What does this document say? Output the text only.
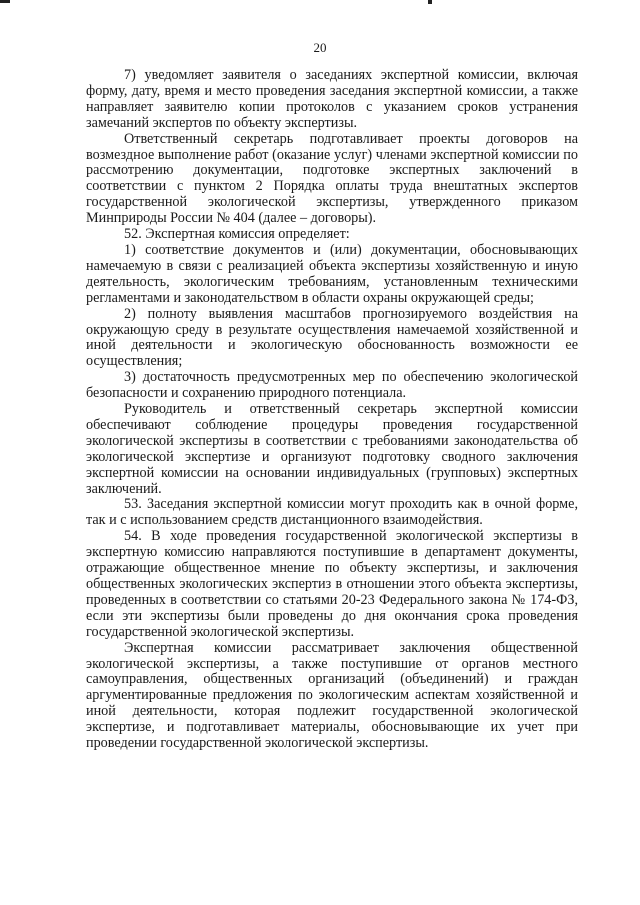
20

7) уведомляет заявителя о заседаниях экспертной комиссии, включая форму, дату, время и место проведения заседания экспертной комиссии, а также направляет заявителю копии протоколов с указанием сроков устранения замечаний экспертов по объекту экспертизы.

Ответственный секретарь подготавливает проекты договоров на возмездное выполнение работ (оказание услуг) членами экспертной комиссии по рассмотрению документации, подготовке экспертных заключений в соответствии с пунктом 2 Порядка оплаты труда внештатных экспертов государственной экологической экспертизы, утвержденного приказом Минприроды России № 404 (далее – договоры).

52. Экспертная комиссия определяет:

1) соответствие документов и (или) документации, обосновывающих намечаемую в связи с реализацией объекта экспертизы хозяйственную и иную деятельность, экологическим требованиям, установленным техническими регламентами и законодательством в области охраны окружающей среды;

2) полноту выявления масштабов прогнозируемого воздействия на окружающую среду в результате осуществления намечаемой хозяйственной и иной деятельности и экологическую обоснованность возможности ее осуществления;

3) достаточность предусмотренных мер по обеспечению экологической безопасности и сохранению природного потенциала.

Руководитель и ответственный секретарь экспертной комиссии обеспечивают соблюдение процедуры проведения государственной экологической экспертизы в соответствии с требованиями законодательства об экологической экспертизе и организуют подготовку сводного заключения экспертной комиссии на основании индивидуальных (групповых) экспертных заключений.

53. Заседания экспертной комиссии могут проходить как в очной форме, так и с использованием средств дистанционного взаимодействия.

54. В ходе проведения государственной экологической экспертизы в экспертную комиссию направляются поступившие в департамент документы, отражающие общественное мнение по объекту экспертизы, и заключения общественных экологических экспертиз в отношении этого объекта экспертизы, проведенных в соответствии со статьями 20-23 Федерального закона № 174-ФЗ, если эти экспертизы были проведены до дня окончания срока проведения государственной экологической экспертизы.

Экспертная комиссии рассматривает заключения общественной экологической экспертизы, а также поступившие от органов местного самоуправления, общественных организаций (объединений) и граждан аргументированные предложения по экологическим аспектам хозяйственной и иной деятельности, которая подлежит государственной экологической экспертизе, и подготавливает материалы, обосновывающие их учет при проведении государственной экологической экспертизы.
